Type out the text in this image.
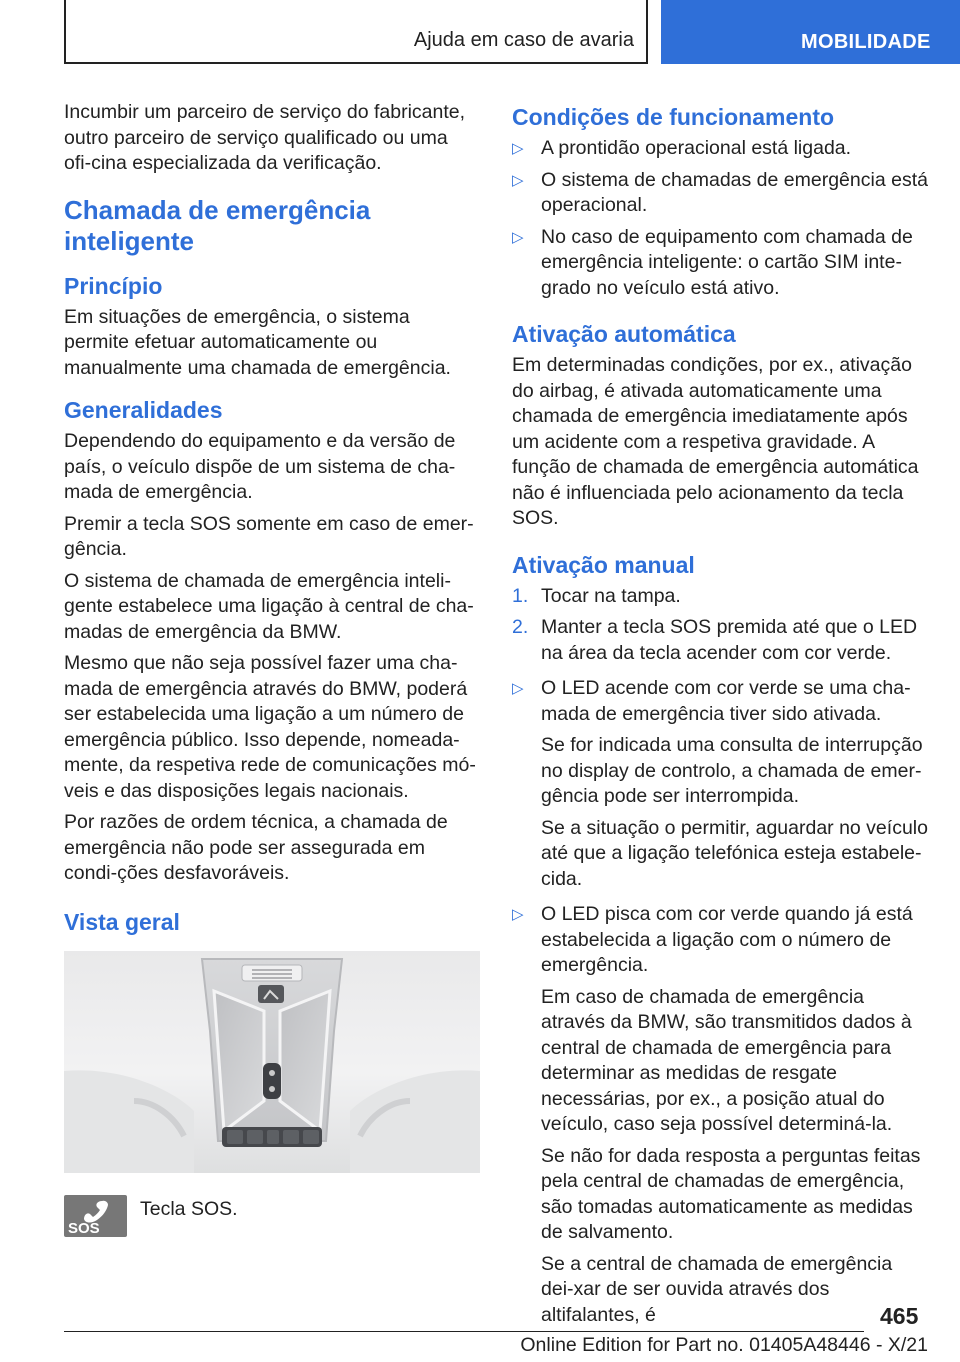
Ajuda em caso de avaria	MOBILIDADE

Incumbir um parceiro de serviço do fabricante, outro parceiro de serviço qualificado ou uma ofi-cina especializada da verificação.

Chamada de emergência inteligente
Princípio

Em situações de emergência, o sistema permite efetuar automaticamente ou manualmente uma chamada de emergência.

Generalidades

Dependendo do equipamento e da versão de país, o veículo dispõe de um sistema de cha-mada de emergência.

Premir a tecla SOS somente em caso de emer-gência.

O sistema de chamada de emergência inteli-gente estabelece uma ligação à central de cha-madas de emergência da BMW.

Mesmo que não seja possível fazer uma cha-mada de emergência através do BMW, poderá ser estabelecida uma ligação a um número de emergência público. Isso depende, nomeada-mente, da respetiva rede de comunicações mó-veis e das disposições legais nacionais.

Por razões de ordem técnica, a chamada de emergência não pode ser assegurada em condi-ções desfavoráveis.

Vista geral
SOS
Tecla SOS.
Condições de funcionamento
▷ A prontidão operacional está ligada.
▷ O sistema de chamadas de emergência está operacional.
▷ No caso de equipamento com chamada de emergência inteligente: o cartão SIM inte-grado no veículo está ativo.
Ativação automática

Em determinadas condições, por ex., ativação do airbag, é ativada automaticamente uma chamada de emergência imediatamente após um acidente com a respetiva gravidade. A função de chamada de emergência automática não é influenciada pelo acionamento da tecla SOS.

Ativação manual
1. Tocar na tampa.
2. Manter a tecla SOS premida até que o LED na área da tecla acender com cor verde.
▷ O LED acende com cor verde se uma cha-mada de emergência tiver sido ativada.

Se for indicada uma consulta de interrupção no display de controlo, a chamada de emer-gência pode ser interrompida.

Se a situação o permitir, aguardar no veículo até que a ligação telefónica esteja estabele-cida.

▷ O LED pisca com cor verde quando já está estabelecida a ligação com o número de emergência.

Em caso de chamada de emergência através da BMW, são transmitidos dados à central de chamada de emergência para determinar as medidas de resgate necessárias, por ex., a posição atual do veículo, caso seja possível determiná-la.

Se não for dada resposta a perguntas feitas pela central de chamadas de emergência, são tomadas automaticamente as medidas de salvamento.

Se a central de chamada de emergência dei-xar de ser ouvida através dos altifalantes, é	465
Online Edition for Part no. 01405A48446 - X/21
